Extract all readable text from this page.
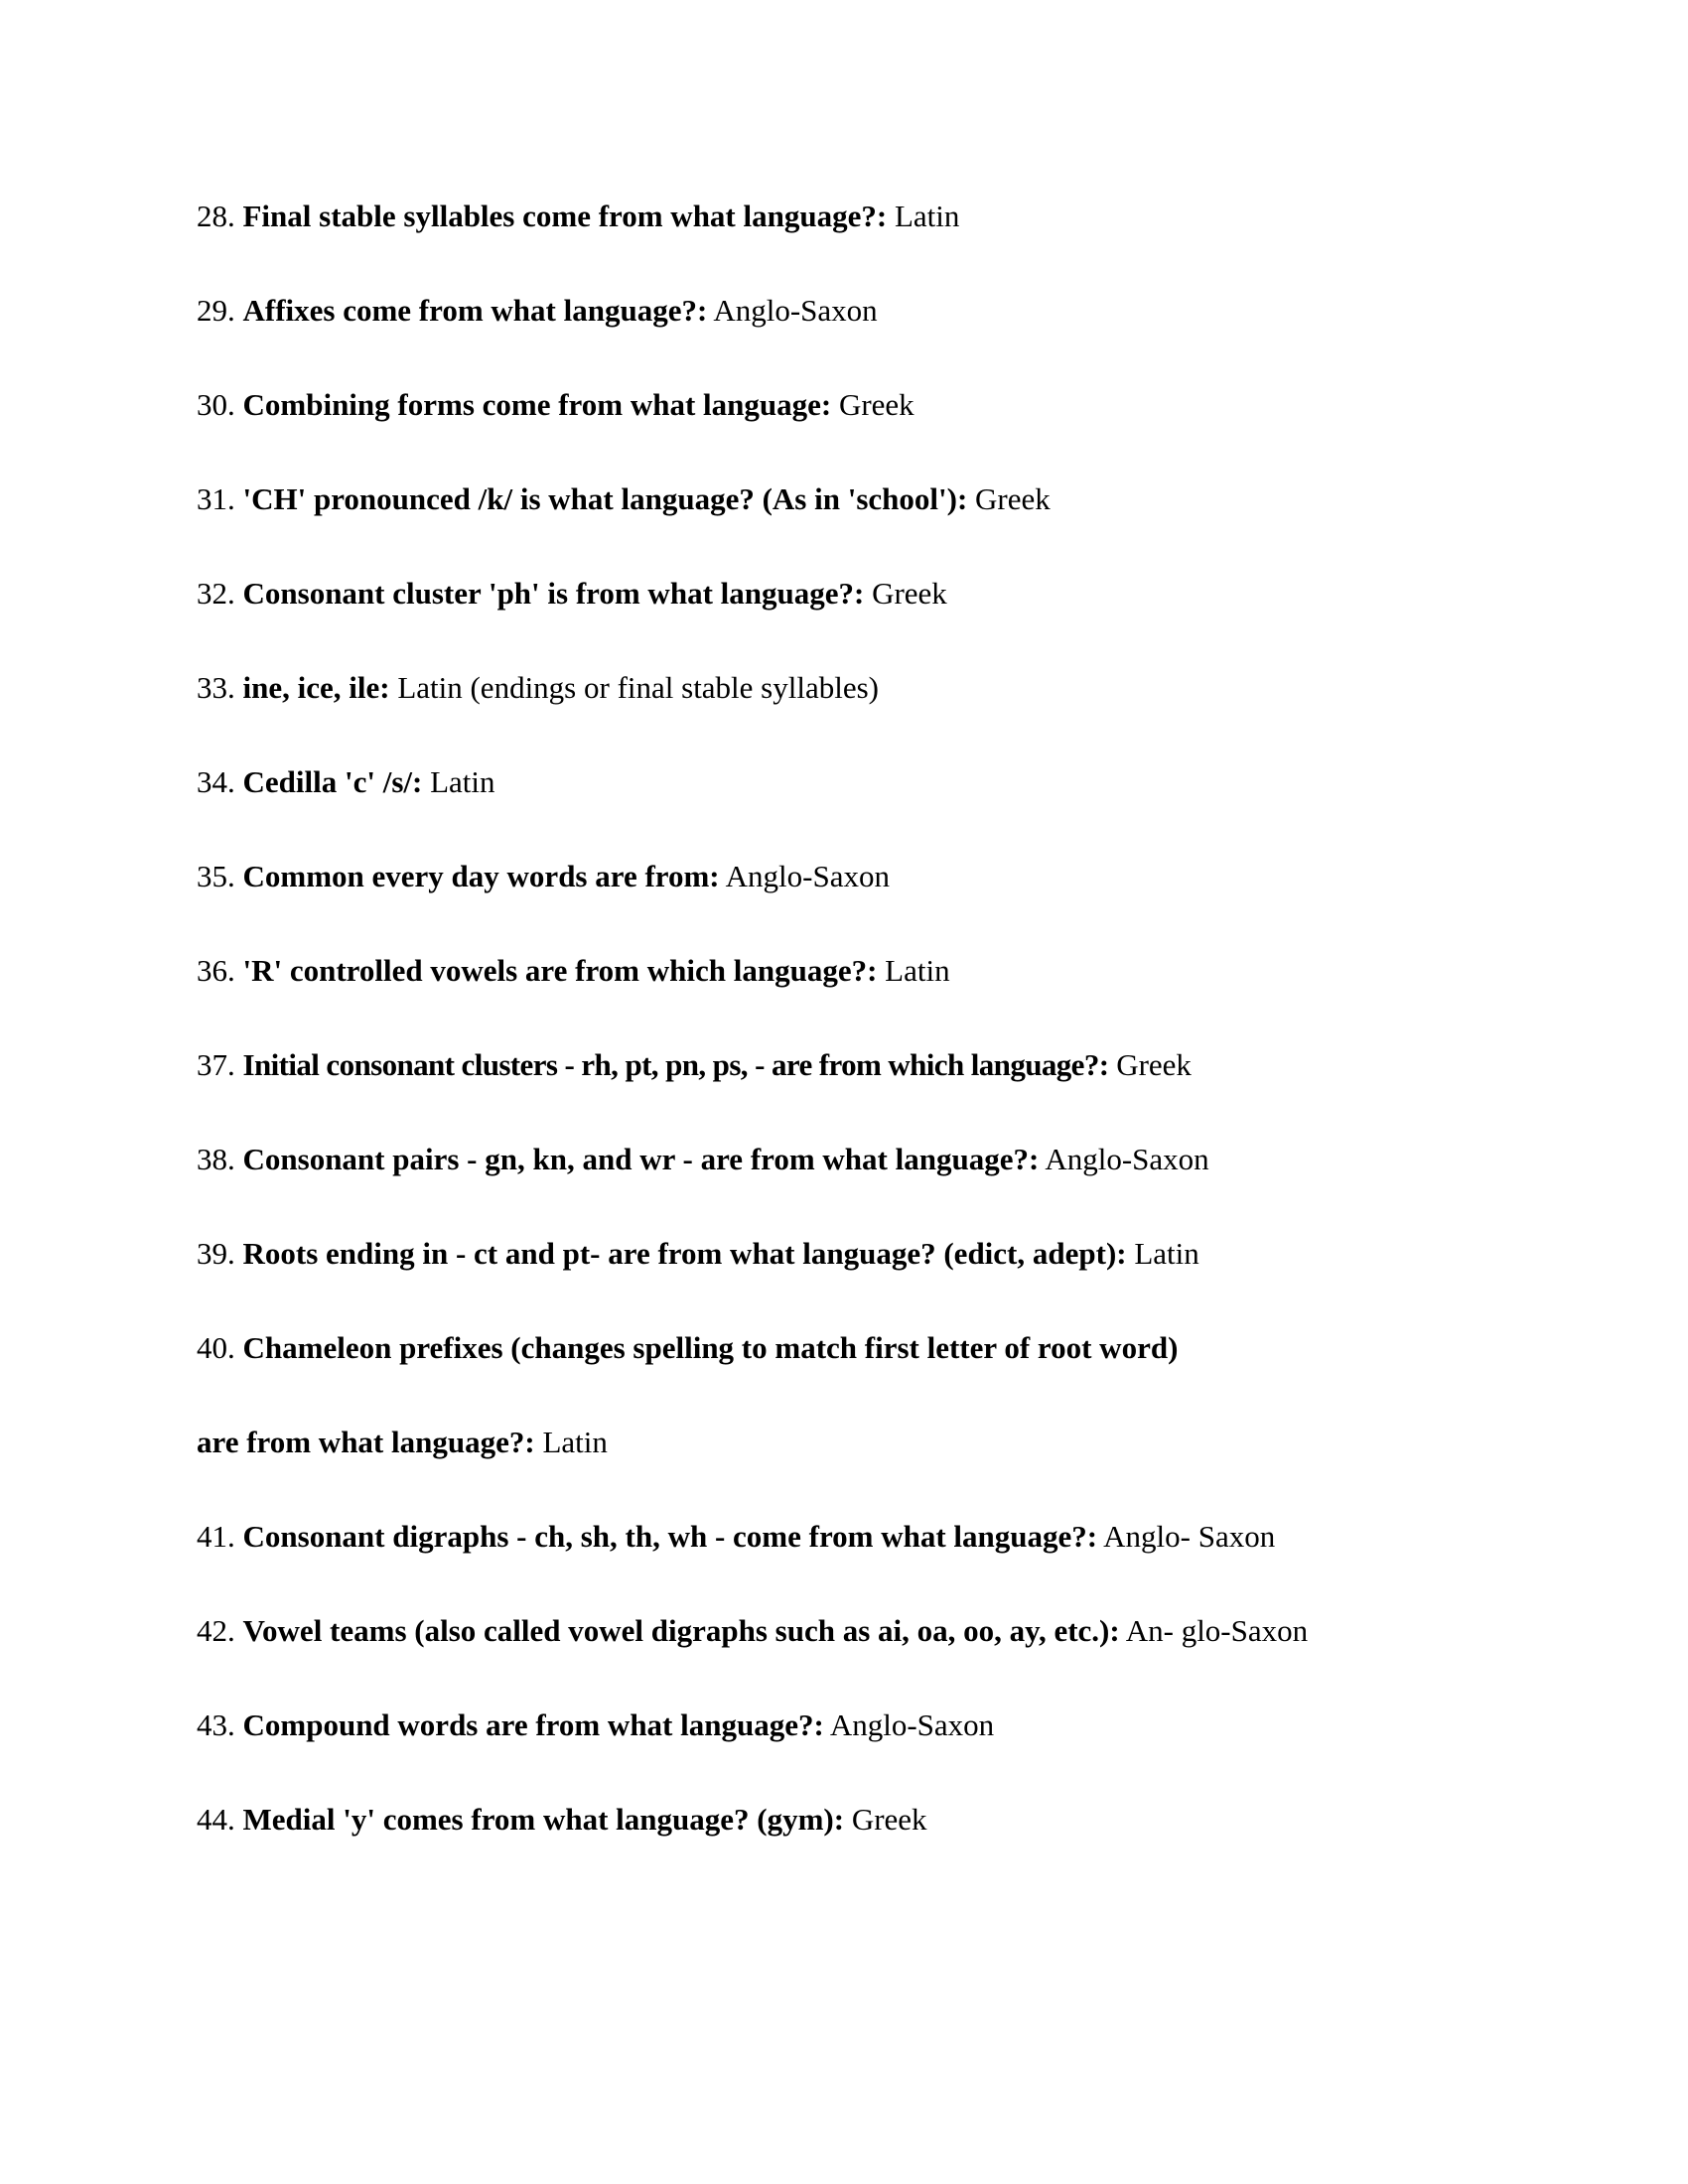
28. Final stable syllables come from what language?: Latin
29. Affixes come from what language?: Anglo-Saxon
30. Combining forms come from what language: Greek
31. 'CH' pronounced /k/ is what language? (As in 'school'): Greek
32. Consonant cluster 'ph' is from what language?: Greek
33. ine, ice, ile: Latin (endings or final stable syllables)
34. Cedilla 'c' /s/: Latin
35. Common every day words are from: Anglo-Saxon
36. 'R' controlled vowels are from which language?: Latin
37. Initial consonant clusters - rh, pt, pn, ps, - are from which language?: Greek
38. Consonant pairs - gn, kn, and wr - are from what language?: Anglo-Saxon
39. Roots ending in - ct and pt- are from what language? (edict, adept): Latin
40. Chameleon prefixes (changes spelling to match first letter of root word)
are from what language?: Latin
41. Consonant digraphs - ch, sh, th, wh - come from what language?: Anglo- Saxon
42. Vowel teams (also called vowel digraphs such as ai, oa, oo, ay, etc.): An- glo-Saxon
43. Compound words are from what language?: Anglo-Saxon
44. Medial 'y' comes from what language? (gym): Greek
